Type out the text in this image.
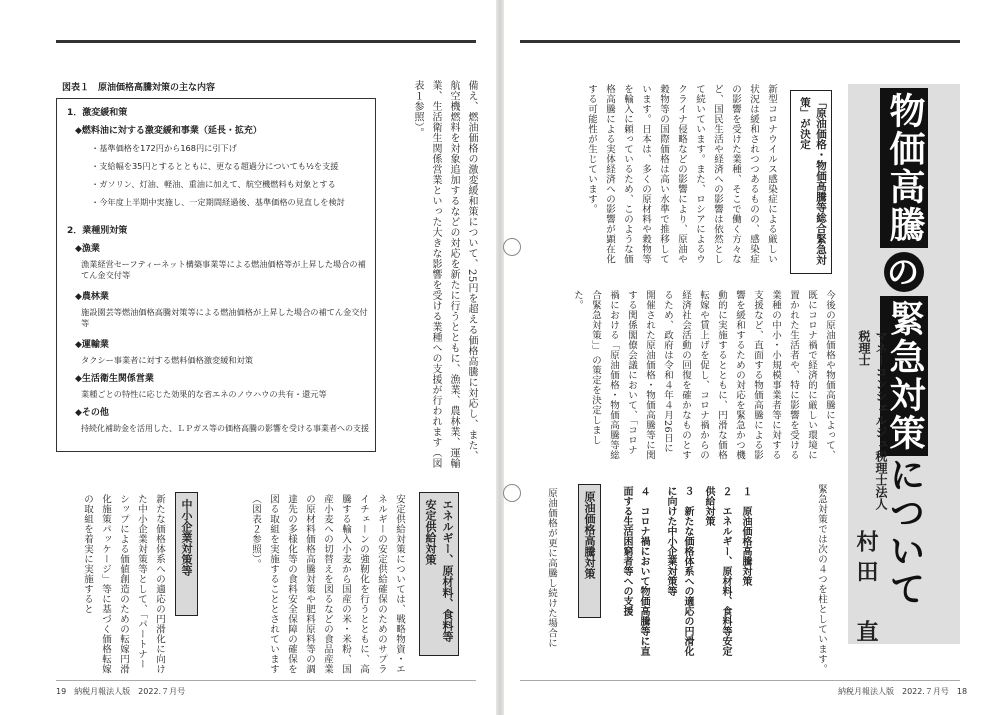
図表１　原油価格高騰対策の主な内容
1．激変緩和策
◆燃料油に対する激変緩和事業（延長・拡充）
・基準価格を172円から168円に引下げ
・支給幅を35円とするとともに、更なる超過分についても½を支援
・ガソリン、灯油、軽油、重油に加えて、航空機燃料も対象とする
・今年度上半期中実施し、一定期間経過後、基準価格の見直しを検討
2．業種別対策
◆漁業
漁業経営セーフティーネット構築事業等による燃油価格等が上昇した場合の補てん金交付等
◆農林業
施設園芸等燃油価格高騰対策等による燃油価格が上昇した場合の補てん金交付等
◆運輸業
タクシー事業者に対する燃料価格激変緩和対策
◆生活衛生関係営業
業種ごとの特性に応じた効果的な省エネのノウハウの共有・還元等
◆その他
持続化補助金を活用した、ＬＰガス等の価格高騰の影響を受ける事業者への支援	備え、燃油価格の激変緩和策について、25円を超える価格高騰に対応し、また、航空機燃料を対象追加するなどの対応を新たに行うとともに、漁業、農林業、運輸業、生活衛生関係営業といった大きな影響を受ける業種への支援が行われます（図表１参照）。
エネルギー、原材料、食料等安定供給対策
安定供給対策については、戦略物資・エネルギーの安定供給確保のためのサプライチェーンの強靭化を行うとともに、高騰する輸入小麦から国産の米・米粉、国産小麦への切替えを図るなどの食品産業の原材料価格高騰対策や肥料原料等の調達先の多様化等の食料安全保障の確保を図る取組を実施することとされています（図表２参照）。
中小企業対策等
新たな価格体系への適応の円滑化に向けた中小企業対策等として、「パートナーシップによる価値創造のための転嫁円滑化施策パッケージ」等に基づく価格転嫁の取組を着実に実施すると
19　納税月報法人版　2022.７月号
物価高騰の緊急対策について
マネーコンシェルジュ税理士法人　税理士
村田　直
「原油価格・物価高騰等総合緊急対策」が決定
新型コロナウイルス感染症による厳しい状況は緩和されつつあるものの、感染症の影響を受けた業種、そこで働く方々など、国民生活や経済への影響は依然として続いています。また、ロシアによるウクライナ侵略などの影響により、原油や穀物等の国際価格は高い水準で推移しています。日本は、多くの原材料や穀物等を輸入に頼っているため、このような価格高騰による実体経済への影響が顕在化する可能性が生じています。
今後の原油価格や物価高騰によって、既にコロナ禍で経済的に厳しい環境に置かれた生活者や、特に影響を受ける業種の中小・小規模事業者等に対する支援など、直面する物価高騰による影響を緩和するための対応を緊急かつ機動的に実施するとともに、円滑な価格転嫁や賃上げを促し、コロナ禍からの経済社会活動の回復を確かなものとするため、政府は令和４年４月26日に開催された原油価格・物価高騰等に関する関係閣僚会議において、「コロナ禍における「原油価格・物価高騰等総合緊急対策」」の策定を決定しました。
緊急対策では次の４つを柱としています。
１　原油価格高騰対策
２　エネルギー、原材料、食料等安定供給対策
３　新たな価格体系への適応の円滑化に向けた中小企業対策等
４　コロナ禍において物価高騰等に直面する生活困窮者等への支援
原油価格高騰対策
原油価格が更に高騰し続けた場合に
納税月報法人版　2022.７月号　18
